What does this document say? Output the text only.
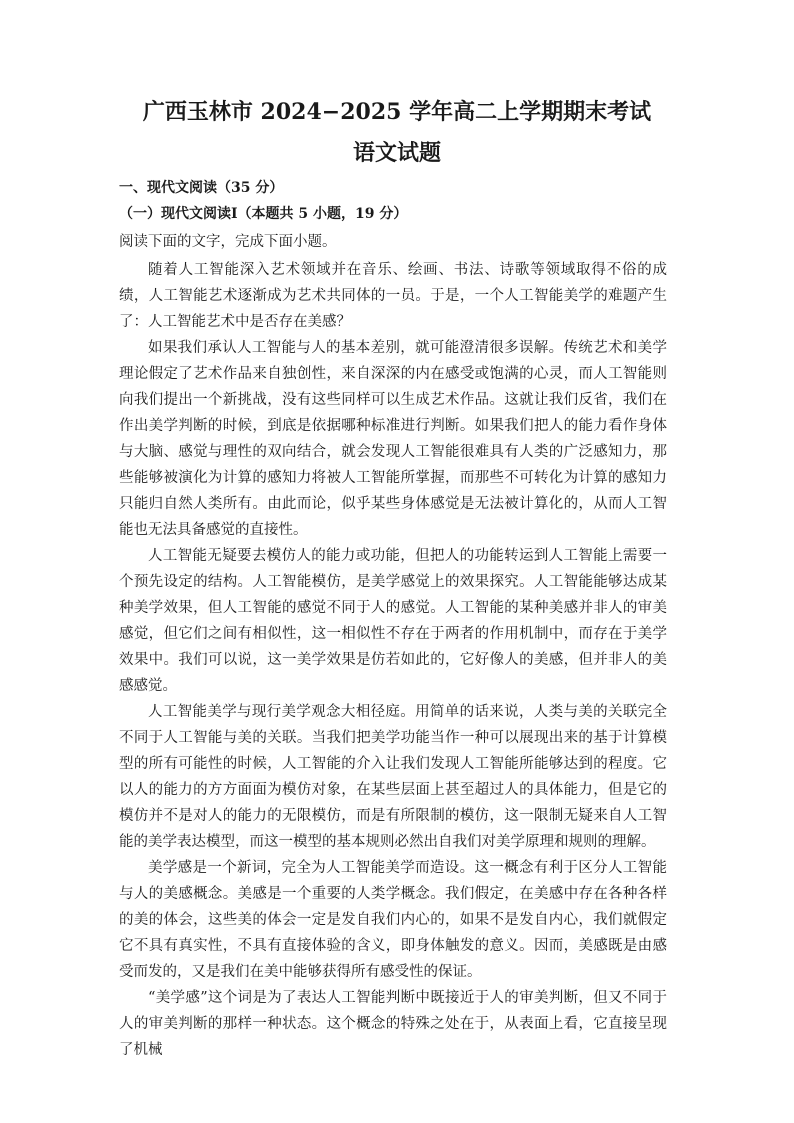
广西玉林市 2024−2025 学年高二上学期期末考试
语文试题
一、现代文阅读（35 分）
（一）现代文阅读Ⅰ（本题共 5 小题，19 分）
阅读下面的文字，完成下面小题。

随着人工智能深入艺术领域并在音乐、绘画、书法、诗歌等领域取得不俗的成绩，人工智能艺术逐渐成为艺术共同体的一员。于是，一个人工智能美学的难题产生了：人工智能艺术中是否存在美感？

如果我们承认人工智能与人的基本差别，就可能澄清很多误解。传统艺术和美学理论假定了艺术作品来自独创性，来自深深的内在感受或饱满的心灵，而人工智能则向我们提出一个新挑战，没有这些同样可以生成艺术作品。这就让我们反省，我们在作出美学判断的时候，到底是依据哪种标准进行判断。如果我们把人的能力看作身体与大脑、感觉与理性的双向结合，就会发现人工智能很难具有人类的广泛感知力，那些能够被演化为计算的感知力将被人工智能所掌握，而那些不可转化为计算的感知力只能归自然人类所有。由此而论，似乎某些身体感觉是无法被计算化的，从而人工智能也无法具备感觉的直接性。

人工智能无疑要去模仿人的能力或功能，但把人的功能转运到人工智能上需要一个预先设定的结构。人工智能模仿，是美学感觉上的效果探究。人工智能能够达成某种美学效果，但人工智能的感觉不同于人的感觉。人工智能的某种美感并非人的审美感觉，但它们之间有相似性，这一相似性不存在于两者的作用机制中，而存在于美学效果中。我们可以说，这一美学效果是仿若如此的，它好像人的美感，但并非人的美感感觉。

人工智能美学与现行美学观念大相径庭。用简单的话来说，人类与美的关联完全不同于人工智能与美的关联。当我们把美学功能当作一种可以展现出来的基于计算模型的所有可能性的时候，人工智能的介入让我们发现人工智能所能够达到的程度。它以人的能力的方方面面为模仿对象，在某些层面上甚至超过人的具体能力，但是它的模仿并不是对人的能力的无限模仿，而是有所限制的模仿，这一限制无疑来自人工智能的美学表达模型，而这一模型的基本规则必然出自我们对美学原理和规则的理解。

美学感是一个新词，完全为人工智能美学而造设。这一概念有利于区分人工智能与人的美感概念。美感是一个重要的人类学概念。我们假定，在美感中存在各种各样的美的体会，这些美的体会一定是发自我们内心的，如果不是发自内心，我们就假定它不具有真实性，不具有直接体验的含义，即身体触发的意义。因而，美感既是由感受而发的，又是我们在美中能够获得所有感受性的保证。

“美学感”这个词是为了表达人工智能判断中既接近于人的审美判断，但又不同于人的审美判断的那样一种状态。这个概念的特殊之处在于，从表面上看，它直接呈现了机械
